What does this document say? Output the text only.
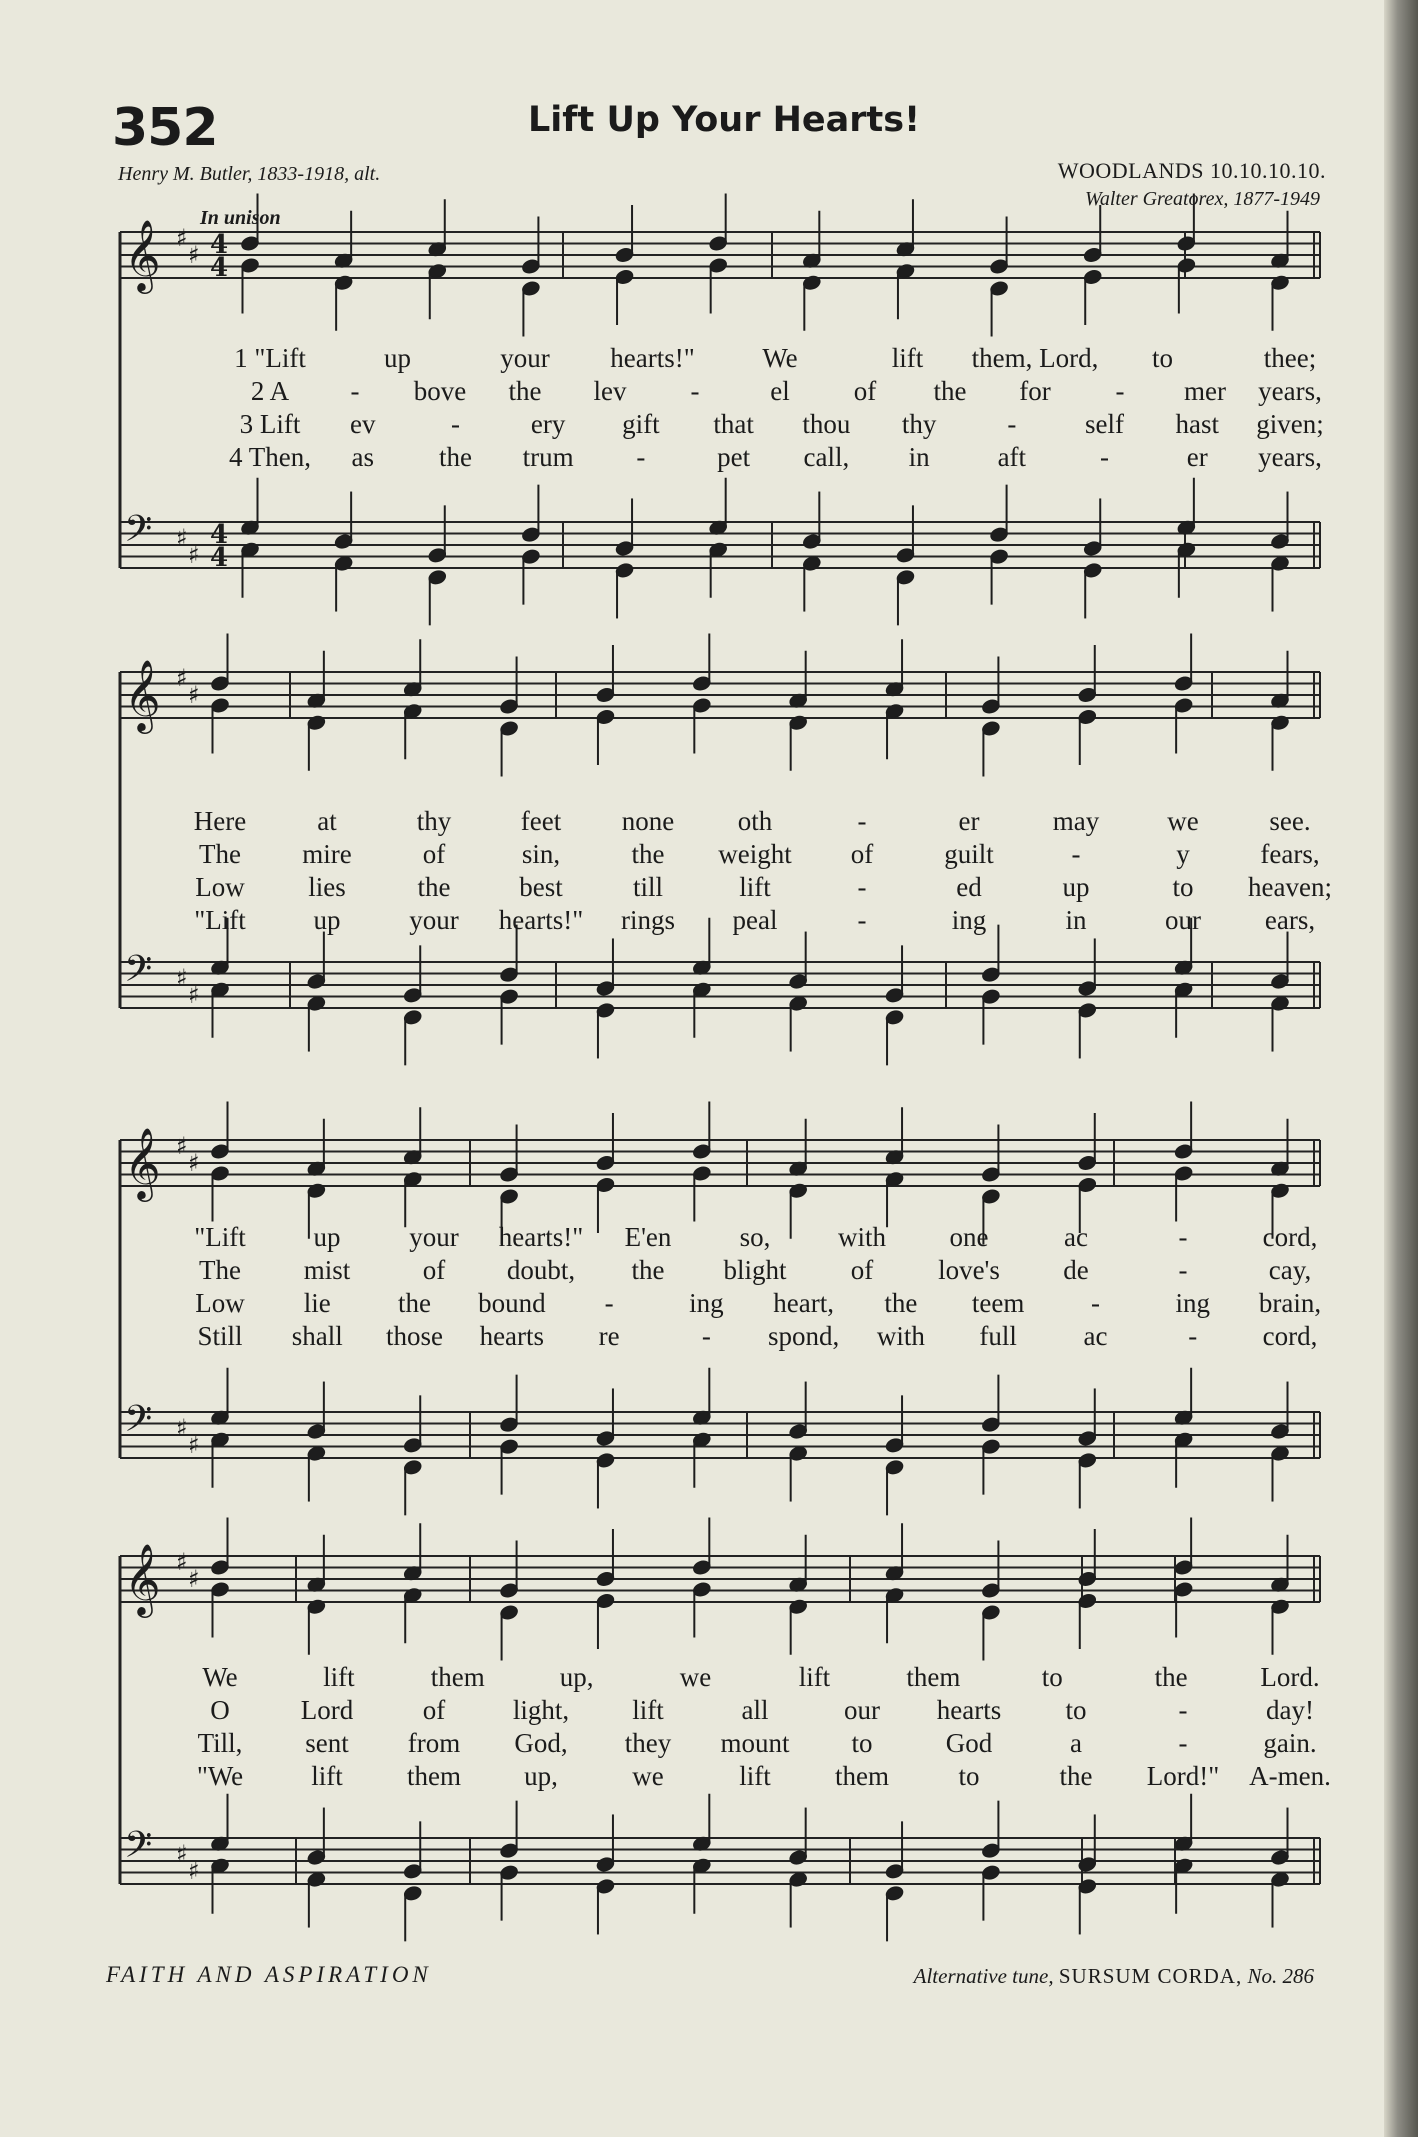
352	Lift Up Your Hearts!
Henry M. Butler, 1833-1918, alt.	WOODLANDS 10.10.10.10.
Walter Greatorex, 1877-1949
In unison
𝄞 ♯
♯ 4
4
𝄢 ♯
♯
4
4
𝄞 ♯
♯
𝄢 ♯
♯
𝄞 ♯
♯
𝄢 ♯
♯
𝄞 ♯
♯
𝄢 ♯
♯
1 "Lift	up	your hearts!"	We	lift them, Lord, to	thee;
2 A - bove the lev -	el of the for - mer years,
3 Lift ev	-	ery gift that thou thy	-	self hast given;
4 Then, as the trum -	pet call, in	aft	-	er years,
Here	at	thy	feet none oth	-	er	may	we	see.
The mire	of	sin,	the weight of	guilt	-	y	fears,
Low lies	the	best	till	lift	-	ed	up	to heaven;
"Lift	up	your hearts!" rings peal	-	ing	in	our ears,
"Lift	up	your hearts!" E'en	so,	with one	ac	-	cord,
The mist	of doubt, the blight of love's de	-	cay,
Low lie the bound -	ing heart, the teem -	ing brain,
Still shall those hearts re	- spond, with full ac	- cord,
We	lift	them	up,	we	lift	them	to	the	Lord.
O	Lord	of	light, lift	all	our hearts to	-	day!
Till, sent from God, they mount to	God	a	-	gain.
"We	lift them up,	we	lift them	to	the Lord!" A-men.
FAITH AND ASPIRATION	Alternative tune, SURSUM CORDA, No. 286
